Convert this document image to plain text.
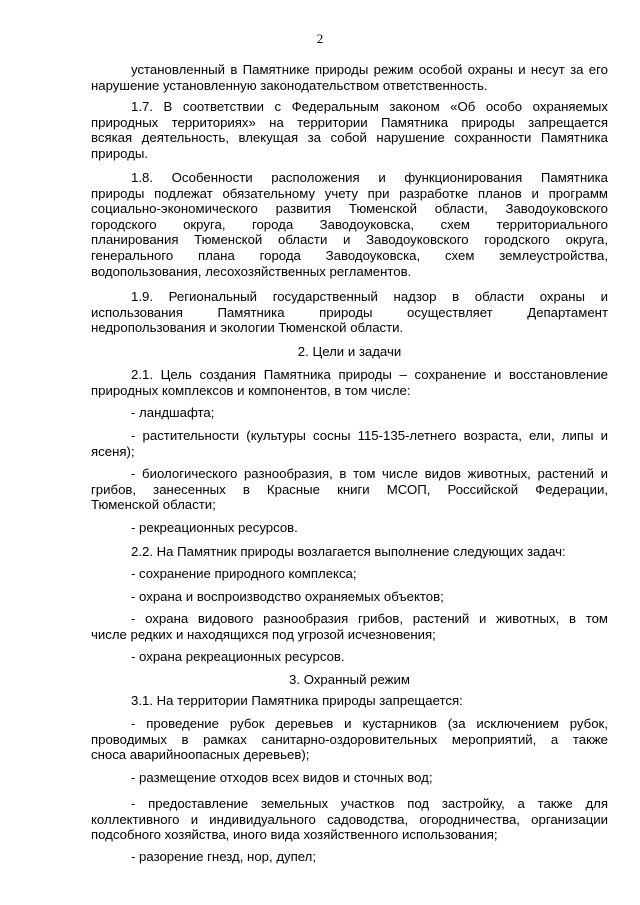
2
установленный в Памятнике природы режим особой охраны и несут за его
нарушение установленную законодательством ответственность.
1.7. В соответствии с Федеральным законом «Об особо охраняемых
природных территориях» на территории Памятника природы запрещается
всякая деятельность, влекущая за собой нарушение сохранности Памятника
природы.
1.8. Особенности расположения и функционирования Памятника
природы подлежат обязательному учету при разработке планов и программ
социально-экономического развития Тюменской области, Заводоуковского
городского округа, города Заводоуковска, схем территориального
планирования Тюменской области и Заводоуковского городского округа,
генерального плана города Заводоуковска, схем землеустройства,
водопользования, лесохозяйственных регламентов.
1.9. Региональный государственный надзор в области охраны и
использования Памятника природы осуществляет Департамент
недропользования и экологии Тюменской области.
2.1. Цель создания Памятника природы – сохранение и восстановление
природных комплексов и компонентов, в том числе:
- ландшафта;
- растительности (культуры сосны 115-135-летнего возраста, ели, липы и
ясеня);
- биологического разнообразия, в том числе видов животных, растений и
грибов, занесенных в Красные книги МСОП, Российской Федерации,
Тюменской области;
- рекреационных ресурсов.
2.2. На Памятник природы возлагается выполнение следующих задач:
- сохранение природного комплекса;
- охрана и воспроизводство охраняемых объектов;
- охрана видового разнообразия грибов, растений и животных, в том
числе редких и находящихся под угрозой исчезновения;
- охрана рекреационных ресурсов.
3.1. На территории Памятника природы запрещается:
- проведение рубок деревьев и кустарников (за исключением рубок,
проводимых в рамках санитарно-оздоровительных мероприятий, а также
сноса аварийноопасных деревьев);
- размещение отходов всех видов и сточных вод;
- предоставление земельных участков под застройку, а также для
коллективного и индивидуального садоводства, огородничества, организации
подсобного хозяйства, иного вида хозяйственного использования;
- разорение гнезд, нор, дупел;
2. Цели и задачи
3. Охранный режим
